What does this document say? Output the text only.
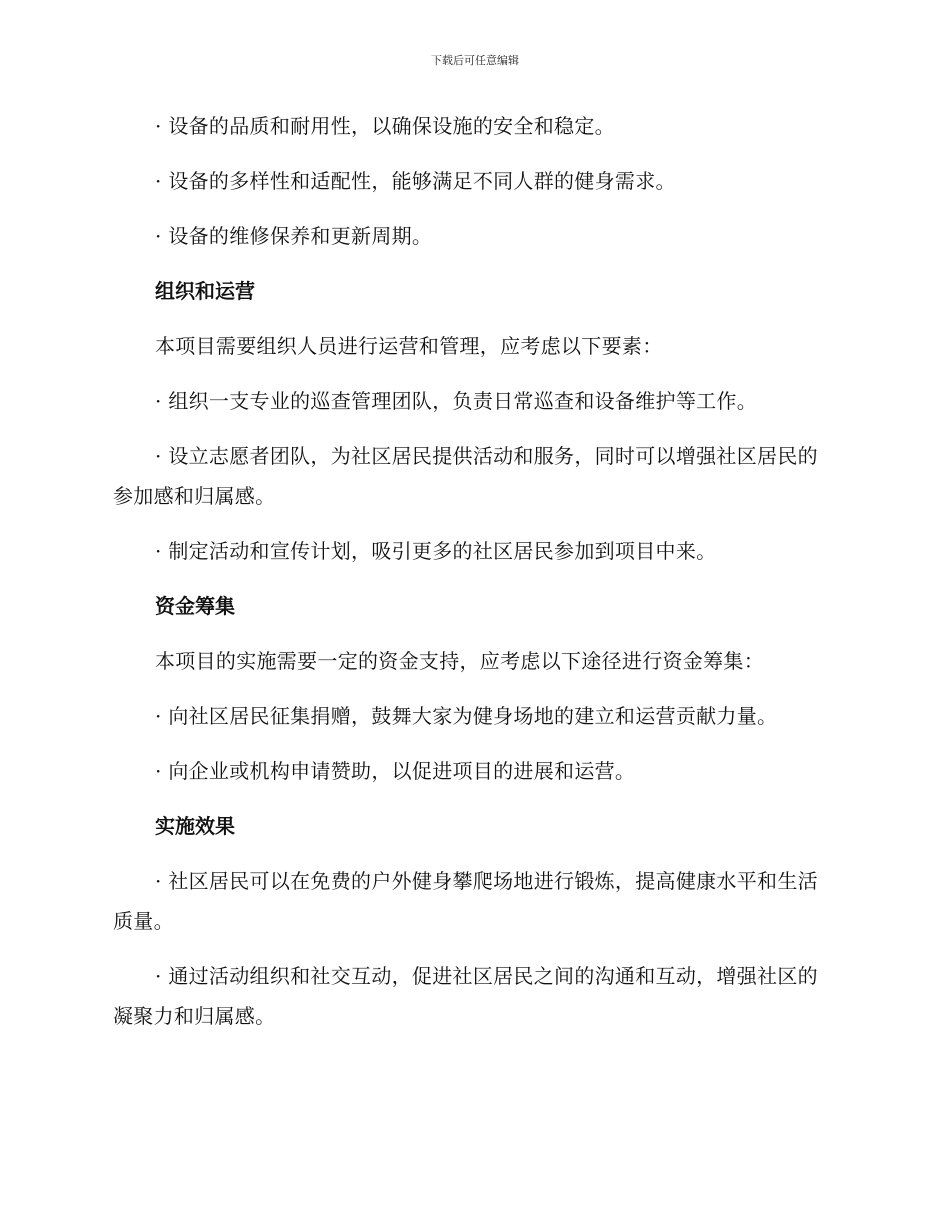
下载后可任意编辑

· 设备的品质和耐用性，以确保设施的安全和稳定。

· 设备的多样性和适配性，能够满足不同人群的健身需求。

· 设备的维修保养和更新周期。

组织和运营

本项目需要组织人员进行运营和管理，应考虑以下要素：

· 组织一支专业的巡查管理团队，负责日常巡查和设备维护等工作。

· 设立志愿者团队，为社区居民提供活动和服务，同时可以增强社区居民的参加感和归属感。

· 制定活动和宣传计划，吸引更多的社区居民参加到项目中来。

资金筹集

本项目的实施需要一定的资金支持，应考虑以下途径进行资金筹集：

· 向社区居民征集捐赠，鼓舞大家为健身场地的建立和运营贡献力量。

· 向企业或机构申请赞助，以促进项目的进展和运营。

实施效果

· 社区居民可以在免费的户外健身攀爬场地进行锻炼，提高健康水平和生活质量。

· 通过活动组织和社交互动，促进社区居民之间的沟通和互动，增强社区的凝聚力和归属感。
